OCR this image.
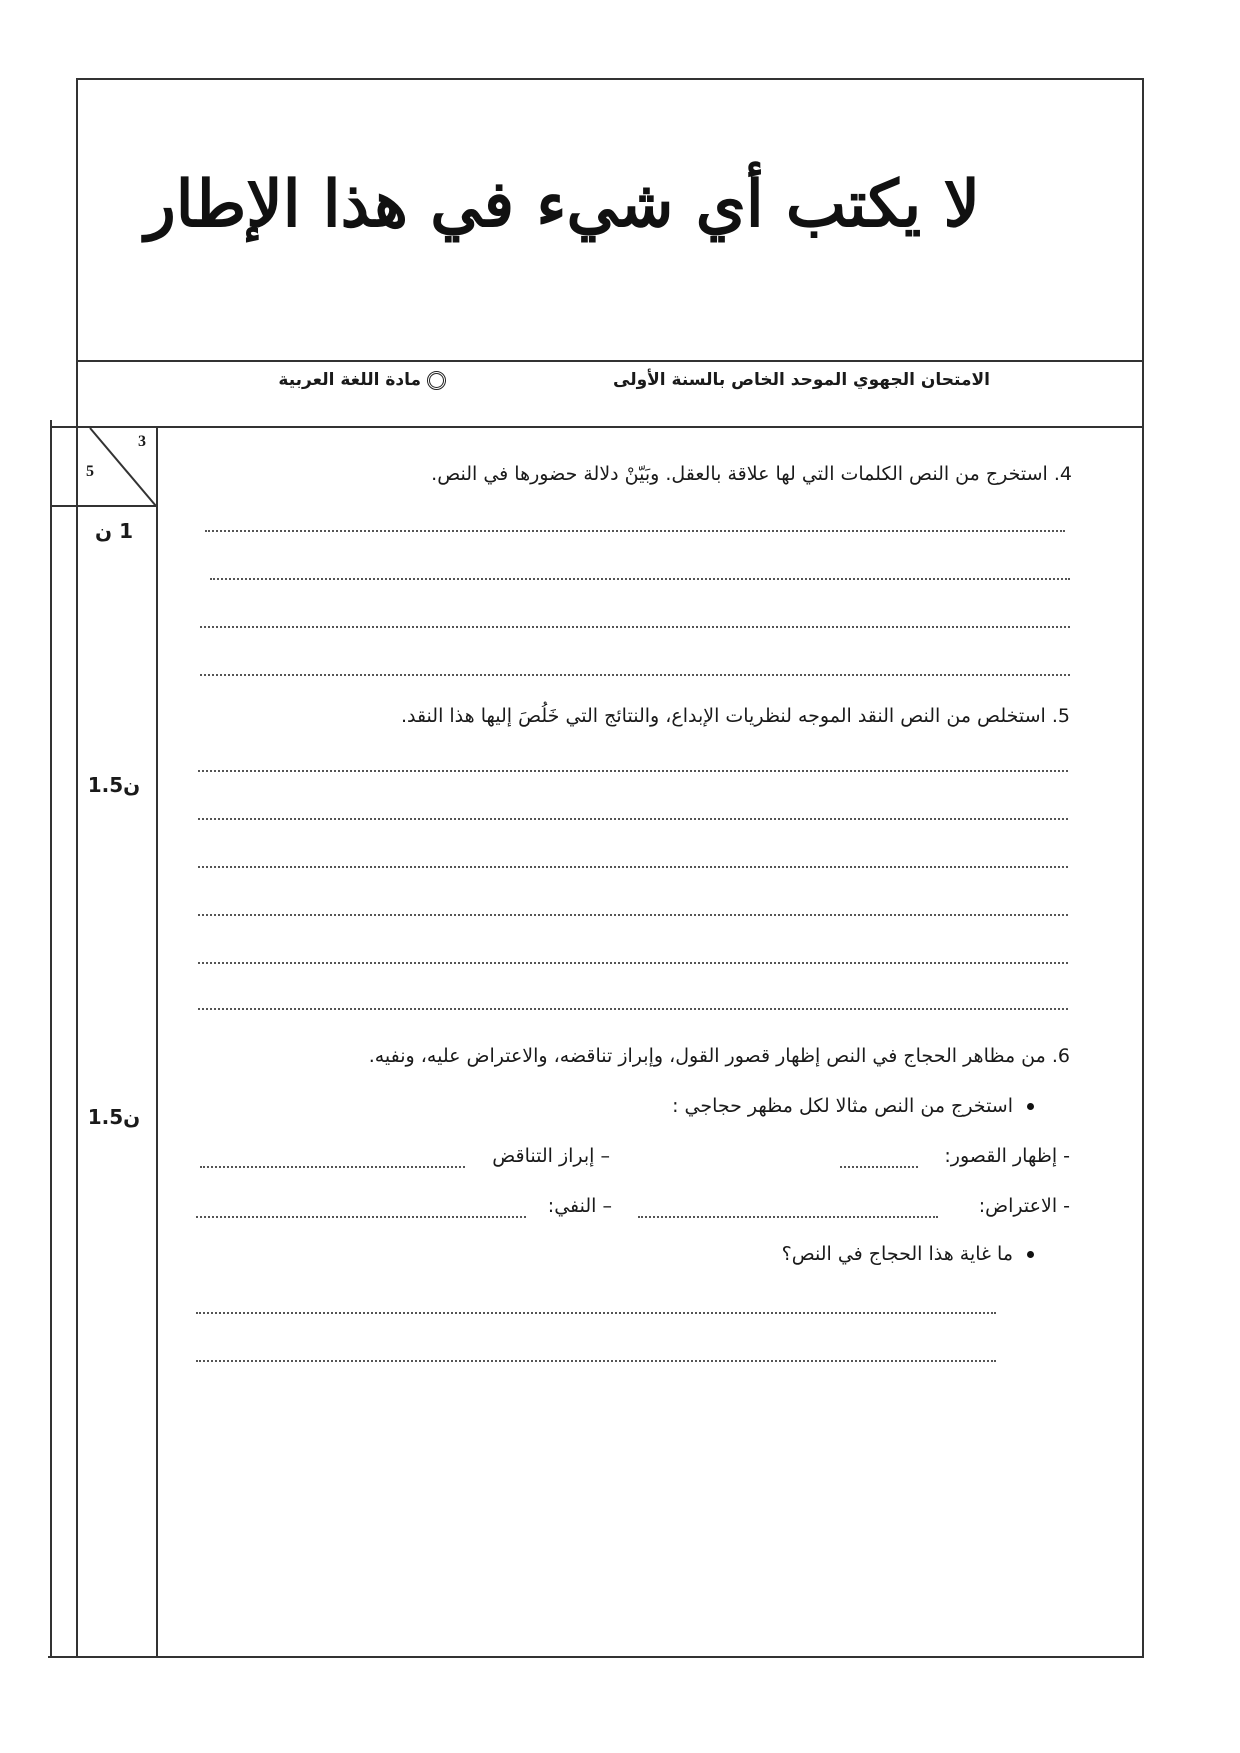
لا يكتب أي شيء في هذا الإطار
الامتحان الجهوي الموحد الخاص بالسنة الأولى
مادة اللغة العربية
3
5
1 ن
ن1.5
ن1.5
4. استخرج من النص الكلمات التي لها علاقة بالعقل. وبَيّنْ دلالة حضورها في النص.
5. استخلص من النص النقد الموجه لنظريات الإبداع، والنتائج التي خَلُصَ إليها هذا النقد.
6. من مظاهر الحجاج في النص إظهار قصور القول، وإبراز تناقضه، والاعتراض عليه، ونفيه.
استخرج من النص مثالا لكل مظهر حجاجي :
- إظهار القصور:
– إبراز التناقض
- الاعتراض:
– النفي:
ما غاية هذا الحجاج في النص؟
